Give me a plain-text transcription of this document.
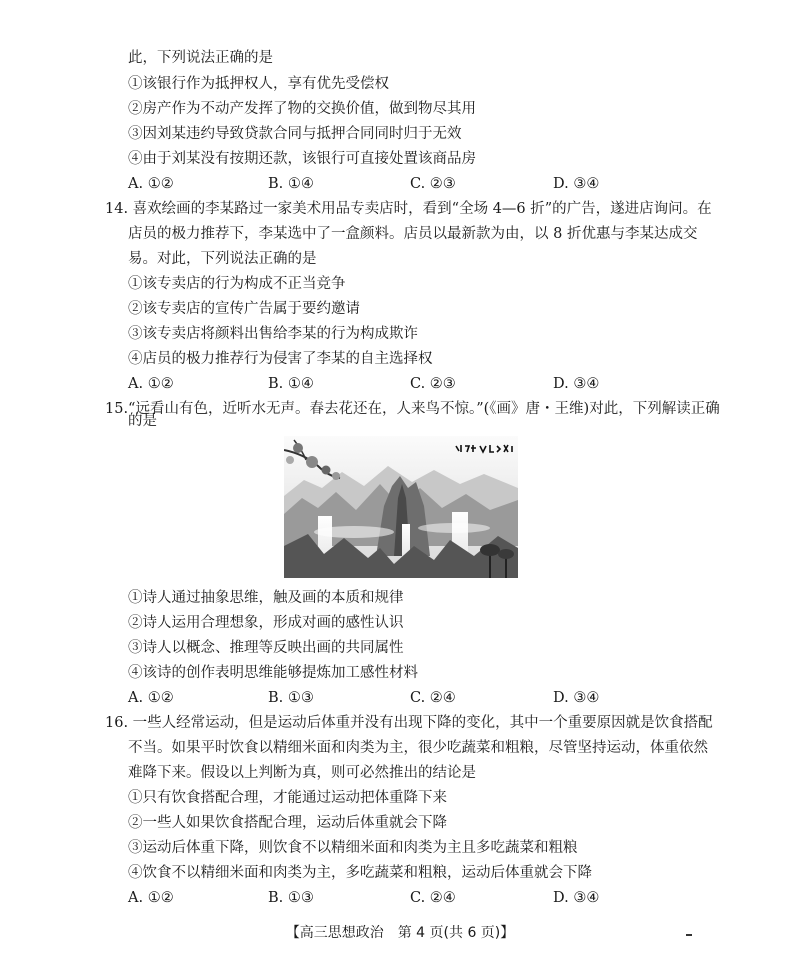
此，下列说法正确的是
①该银行作为抵押权人，享有优先受偿权
②房产作为不动产发挥了物的交换价值，做到物尽其用
③因刘某违约导致贷款合同与抵押合同同时归于无效
④由于刘某没有按期还款，该银行可直接处置该商品房
A. ①②	B. ①④	C. ②③	D. ③④
14. 喜欢绘画的李某路过一家美术用品专卖店时，看到“全场 4—6 折”的广告，遂进店询问。在
店员的极力推荐下，李某选中了一盒颜料。店员以最新款为由，以 8 折优惠与李某达成交
易。对此，下列说法正确的是
①该专卖店的行为构成不正当竞争
②该专卖店的宣传广告属于要约邀请
③该专卖店将颜料出售给李某的行为构成欺诈
④店员的极力推荐行为侵害了李某的自主选择权
A. ①②	B. ①④	C. ②③	D. ③④
15.“远看山有色，近听水无声。春去花还在，人来鸟不惊。”(《画》唐・王维)对此，下列解读正确
的是
①诗人通过抽象思维，触及画的本质和规律
②诗人运用合理想象，形成对画的感性认识
③诗人以概念、推理等反映出画的共同属性
④该诗的创作表明思维能够提炼加工感性材料
A. ①②	B. ①③	C. ②④	D. ③④
16. 一些人经常运动，但是运动后体重并没有出现下降的变化，其中一个重要原因就是饮食搭配
不当。如果平时饮食以精细米面和肉类为主，很少吃蔬菜和粗粮，尽管坚持运动，体重依然
难降下来。假设以上判断为真，则可必然推出的结论是
①只有饮食搭配合理，才能通过运动把体重降下来
②一些人如果饮食搭配合理，运动后体重就会下降
③运动后体重下降，则饮食不以精细米面和肉类为主且多吃蔬菜和粗粮
④饮食不以精细米面和肉类为主，多吃蔬菜和粗粮，运动后体重就会下降
A. ①②	B. ①③	C. ②④	D. ③④
【高三思想政治　第 4 页(共 6 页)】
